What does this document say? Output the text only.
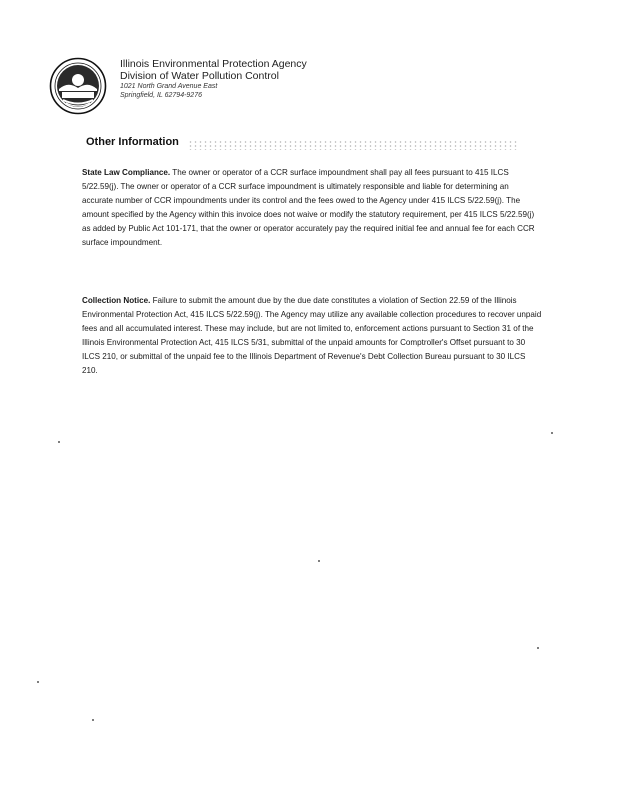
Illinois Environmental Protection Agency
Division of Water Pollution Control
1021 North Grand Avenue East
Springfield, IL 62794-9276
Other Information
State Law Compliance. The owner or operator of a CCR surface impoundment shall pay all fees pursuant to 415 ILCS 5/22.59(j). The owner or operator of a CCR surface impoundment is ultimately responsible and liable for determining an accurate number of CCR impoundments under its control and the fees owed to the Agency under 415 ILCS 5/22.59(j). The amount specified by the Agency within this invoice does not waive or modify the statutory requirement, per 415 ILCS 5/22.59(j) as added by Public Act 101-171, that the owner or operator accurately pay the required initial fee and annual fee for each CCR surface impoundment.
Collection Notice. Failure to submit the amount due by the due date constitutes a violation of Section 22.59 of the Illinois Environmental Protection Act, 415 ILCS 5/22.59(j). The Agency may utilize any available collection procedures to recover unpaid fees and all accumulated interest. These may include, but are not limited to, enforcement actions pursuant to Section 31 of the Illinois Environmental Protection Act, 415 ILCS 5/31, submittal of the unpaid amounts for Comptroller's Offset pursuant to 30 ILCS 210, or submittal of the unpaid fee to the Illinois Department of Revenue's Debt Collection Bureau pursuant to 30 ILCS 210.
